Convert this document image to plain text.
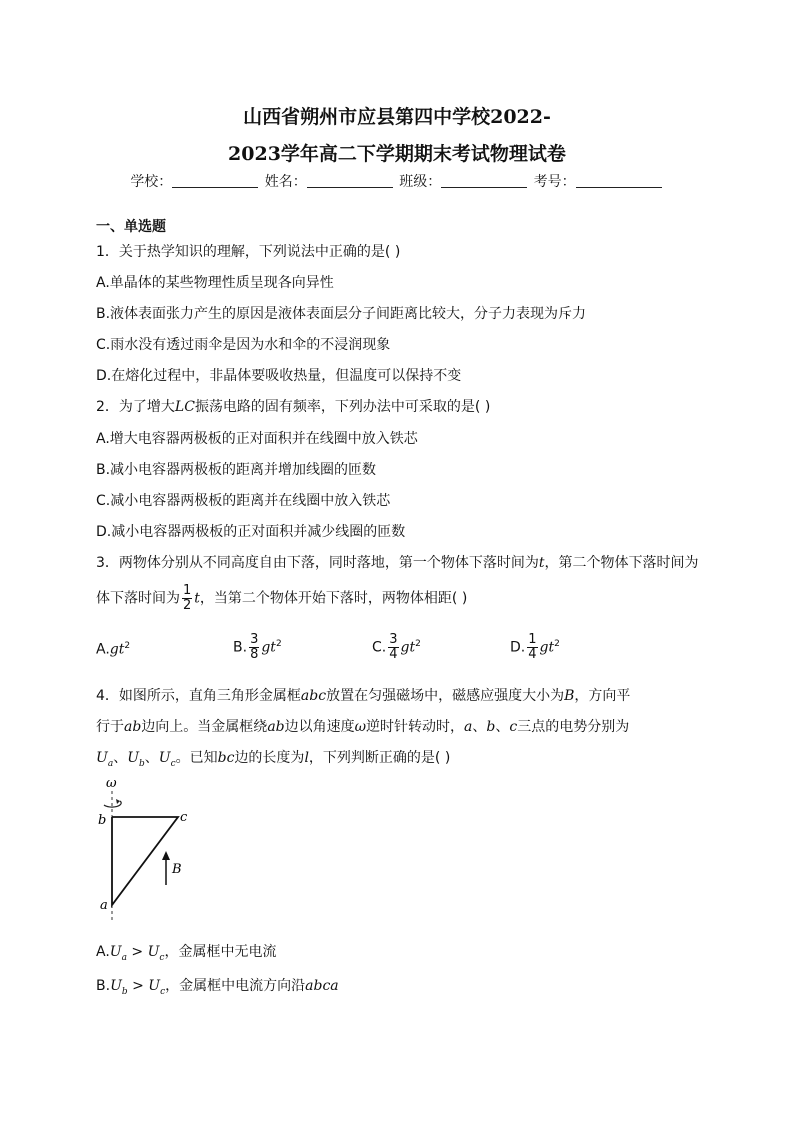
山西省朔州市应县第四中学校2022-
2023学年高二下学期期末考试物理试卷
学校：	姓名：	班级：	考号：
一、单选题
1．关于热学知识的理解，下列说法中正确的是( )
A.单晶体的某些物理性质呈现各向异性
B.液体表面张力产生的原因是液体表面层分子间距离比较大，分子力表现为斥力
C.雨水没有透过雨伞是因为水和伞的不浸润现象
D.在熔化过程中，非晶体要吸收热量，但温度可以保持不变
2．为了增大LC振荡电路的固有频率，下列办法中可采取的是( )
A.增大电容器两极板的正对面积并在线圈中放入铁芯
B.减小电容器两极板的距离并增加线圈的匝数
C.减小电容器两极板的距离并在线圈中放入铁芯
D.减小电容器两极板的正对面积并减少线圈的匝数
3．两物体分别从不同高度自由下落，同时落地，第一个物体下落时间为t，第二个物体下落时间为
体下落时间为 $\frac{1}{2}$ t，当第二个物体开始下落时，两物体相距( )
$A.gt^2$	B. $\frac{3}{8} gt^2$	C. $\frac{3}{4} gt^2$	D. $\frac{1}{4} gt^2$
4．如图所示，直角三角形金属框abc放置在匀强磁场中，磁感应强度大小为B，方向平
行于ab边向上。当金属框绕ab边以角速度ω逆时针转动时，a、b、c三点的电势分别为
$U_a$、$U_b$、$U_c$。已知bc边的长度为l，下列判断正确的是( )
ω
b	c
a
B
$A.U_a > U_c$，金属框中无电流
$B.U_b > U_c$，金属框中电流方向沿abca
